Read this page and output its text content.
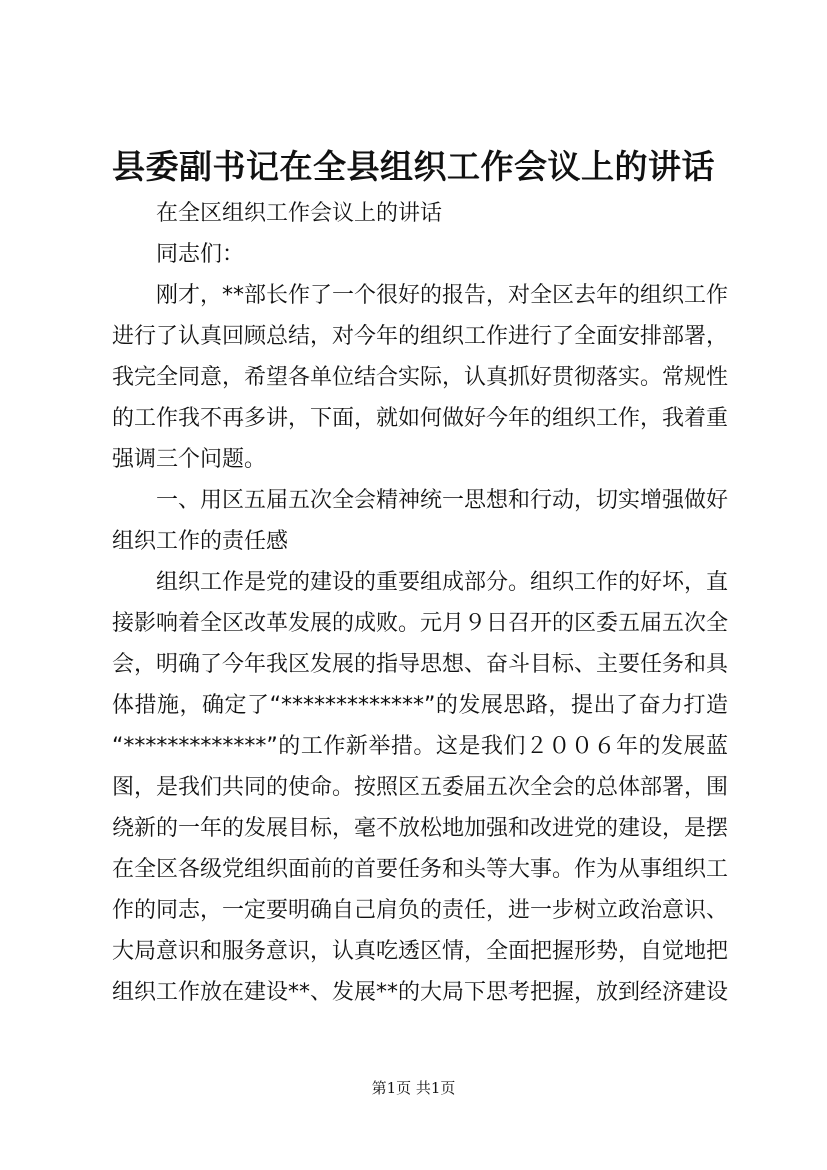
县委副书记在全县组织工作会议上的讲话

在全区组织工作会议上的讲话

同志们：

刚才，**部长作了一个很好的报告，对全区去年的组织工作进行了认真回顾总结，对今年的组织工作进行了全面安排部署，我完全同意，希望各单位结合实际，认真抓好贯彻落实。常规性的工作我不再多讲，下面，就如何做好今年的组织工作，我着重强调三个问题。

一、用区五届五次全会精神统一思想和行动，切实增强做好组织工作的责任感

组织工作是党的建设的重要组成部分。组织工作的好坏，直接影响着全区改革发展的成败。元月９日召开的区委五届五次全会，明确了今年我区发展的指导思想、奋斗目标、主要任务和具体措施，确定了“*************”的发展思路，提出了奋力打造“*************”的工作新举措。这是我们２００６年的发展蓝图，是我们共同的使命。按照区五委届五次全会的总体部署，围绕新的一年的发展目标，毫不放松地加强和改进党的建设，是摆在全区各级党组织面前的首要任务和头等大事。作为从事组织工作的同志，一定要明确自己肩负的责任，进一步树立政治意识、大局意识和服务意识，认真吃透区情，全面把握形势，自觉地把组织工作放在建设**、发展**的大局下思考把握，放到经济建设

第1页 共1页
